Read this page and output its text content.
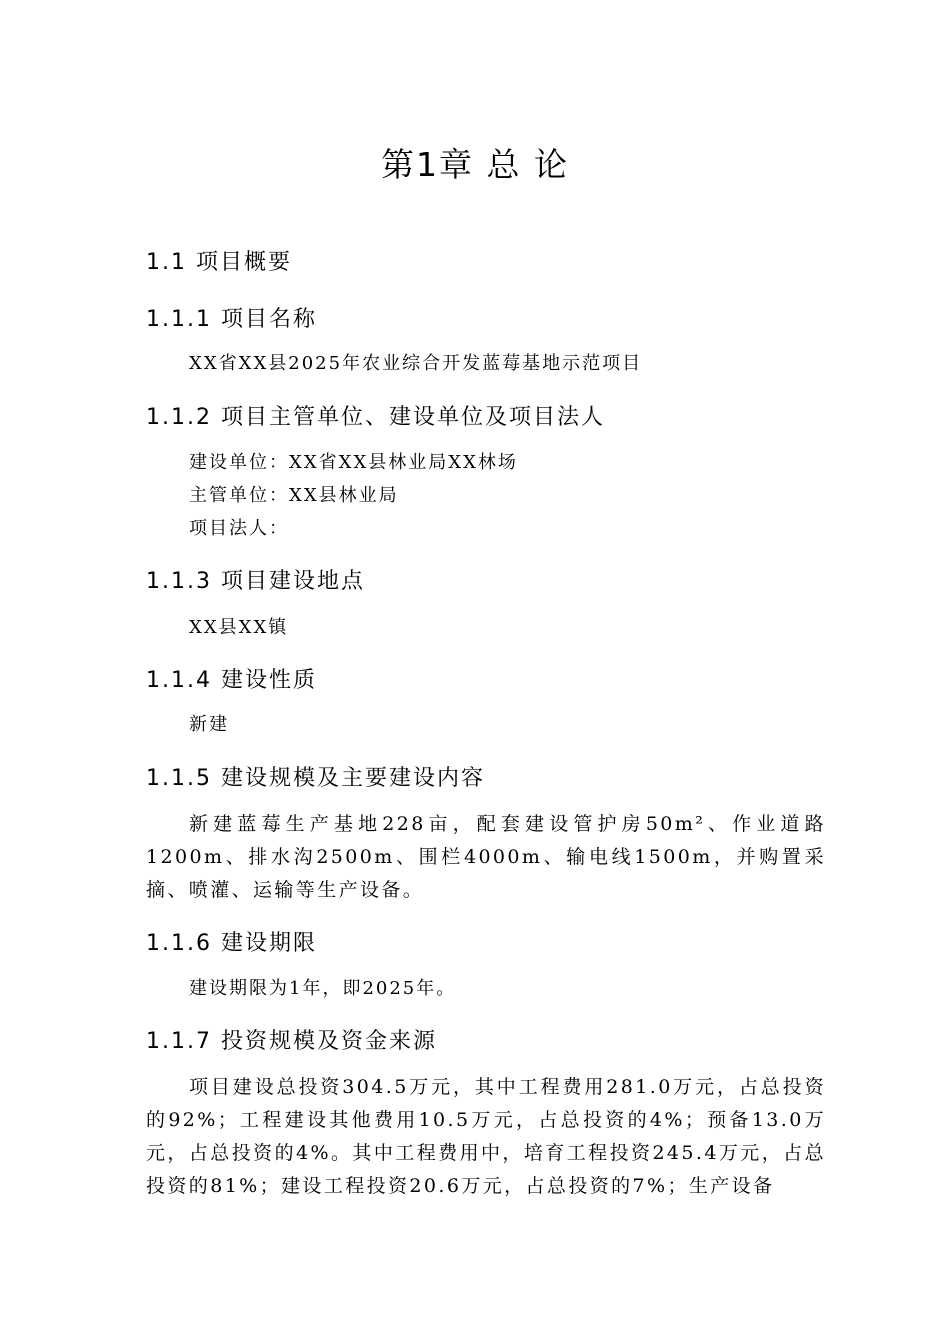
第1章 总 论
1.1 项目概要
1.1.1 项目名称
XX省XX县2025年农业综合开发蓝莓基地示范项目
1.1.2 项目主管单位、建设单位及项目法人
建设单位：XX省XX县林业局XX林场
主管单位：XX县林业局
项目法人：
1.1.3 项目建设地点
XX县XX镇
1.1.4 建设性质
新建
1.1.5 建设规模及主要建设内容
新建蓝莓生产基地228亩，配套建设管护房50m²、作业道路1200m、排水沟2500m、围栏4000m、输电线1500m，并购置采摘、喷灌、运输等生产设备。
1.1.6 建设期限
建设期限为1年，即2025年。
1.1.7 投资规模及资金来源
项目建设总投资304.5万元，其中工程费用281.0万元，占总投资的92%；工程建设其他费用10.5万元，占总投资的4%；预备13.0万元，占总投资的4%。其中工程费用中，培育工程投资245.4万元，占总投资的81%；建设工程投资20.6万元，占总投资的7%；生产设备
